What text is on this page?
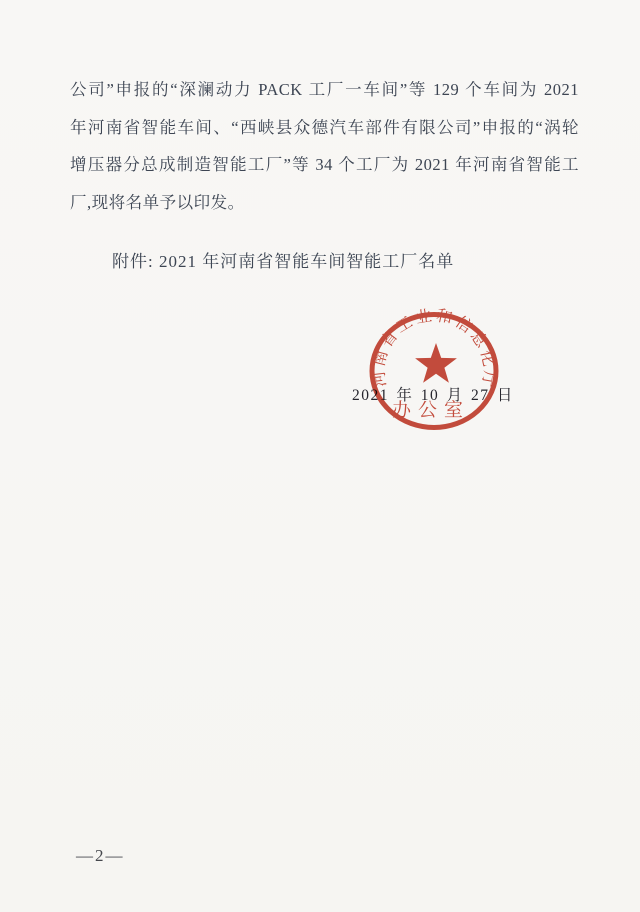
公司”申报的“深澜动力 PACK 工厂一车间”等 129 个车间为 2021
年河南省智能车间、“西峡县众德汽车部件有限公司”申报的“涡轮
增压器分总成制造智能工厂”等 34 个工厂为 2021 年河南省智能工
厂,现将名单予以印发。
附件: 2021 年河南省智能车间智能工厂名单
2021 年 10 月 27 日
河南省工业和信息化厅
办公室
—2—
